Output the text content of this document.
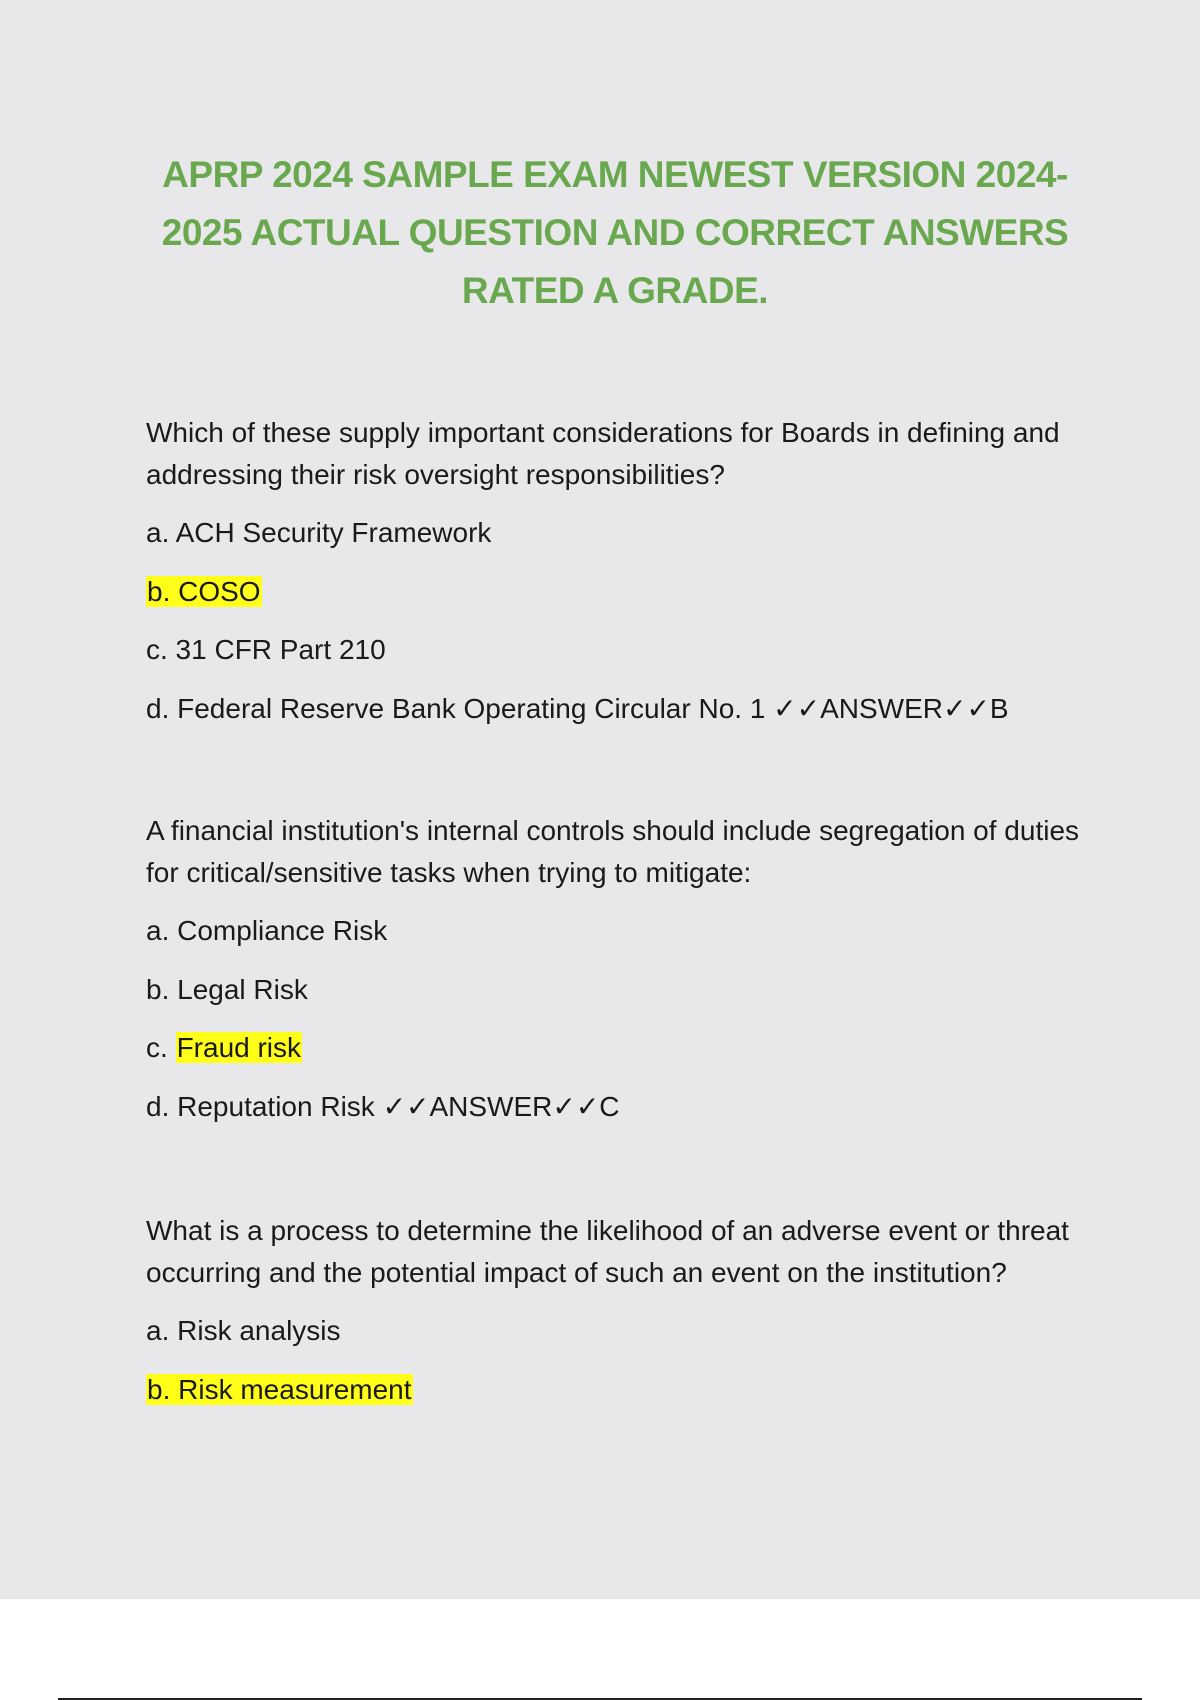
APRP 2024 SAMPLE EXAM NEWEST VERSION 2024-2025 ACTUAL QUESTION AND CORRECT ANSWERS RATED A GRADE.

Which of these supply important considerations for Boards in defining and addressing their risk oversight responsibilities?

a. ACH Security Framework
b. COSO
c. 31 CFR Part 210
d. Federal Reserve Bank Operating Circular No. 1 ✓✓ANSWER✓✓B

A financial institution's internal controls should include segregation of duties for critical/sensitive tasks when trying to mitigate:

a. Compliance Risk
b. Legal Risk
c. Fraud risk
d. Reputation Risk ✓✓ANSWER✓✓C

What is a process to determine the likelihood of an adverse event or threat occurring and the potential impact of such an event on the institution?

a. Risk analysis
b. Risk measurement
